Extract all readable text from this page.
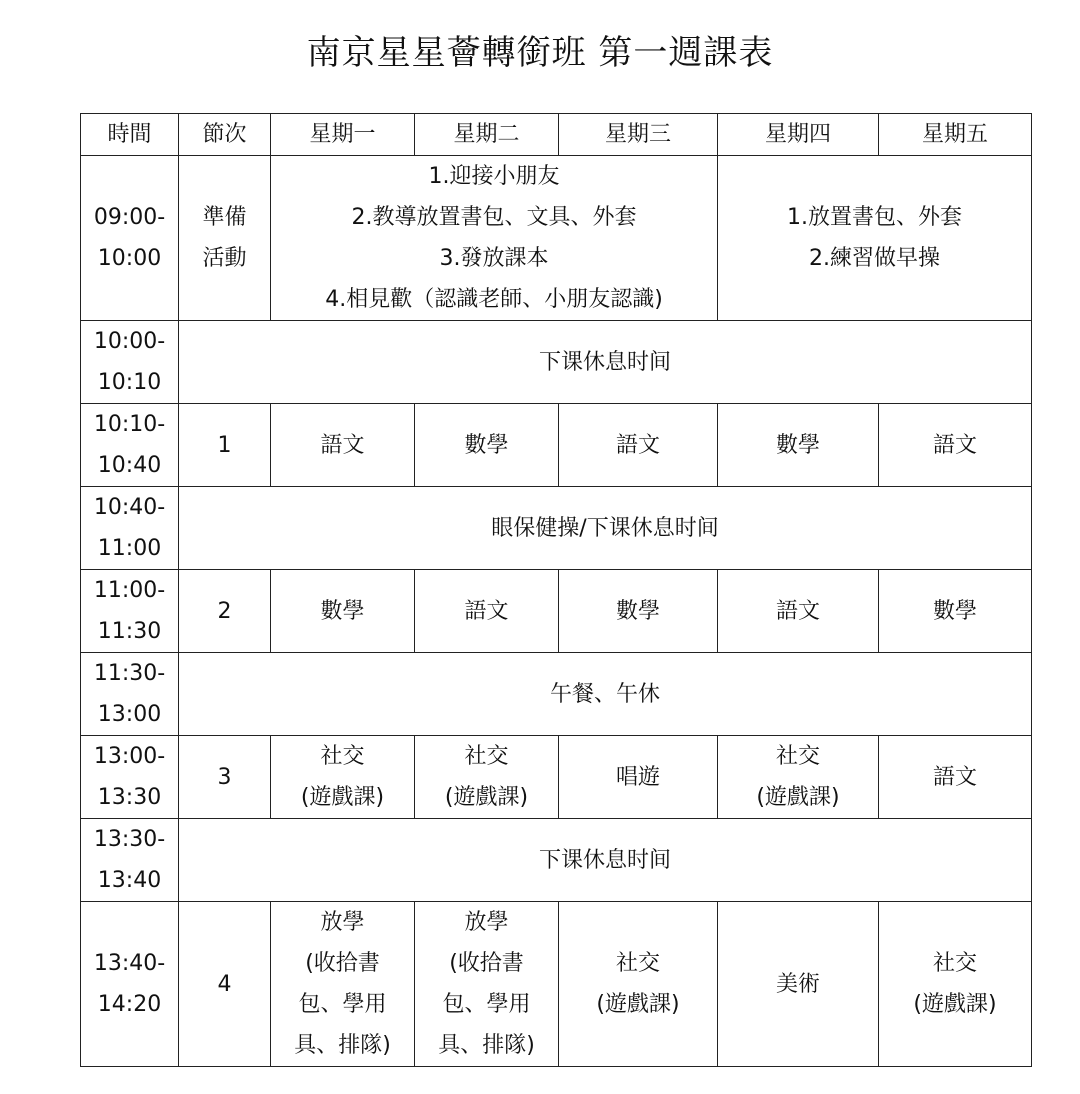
南京星星薈轉銜班 第一週課表
時間	節次	星期一	星期二	星期三	星期四	星期五

09:00-
10:00	準備
活動	1.迎接小朋友
2.教導放置書包、文具、外套
3.發放課本
4.相見歡（認識老師、小朋友認識)			1.放置書包、外套
2.練習做早操	

10:00-
10:10	下课休息时间					

10:10-
10:40	1	語文	數學	語文	數學	語文

10:40-
11:00	眼保健操/下课休息时间					

11:00-
11:30	2	數學	語文	數學	語文	數學

11:30-
13:00	午餐、午休					

13:00-
13:30	3	社交
(遊戲課)	社交
(遊戲課)	唱遊	社交
(遊戲課)	語文

13:30-
13:40	下课休息时间					

13:40-
14:20	4	放學
(收拾書
包、學用
具、排隊)	放學
(收拾書
包、學用
具、排隊)	社交
(遊戲課)	美術	社交
(遊戲課)
